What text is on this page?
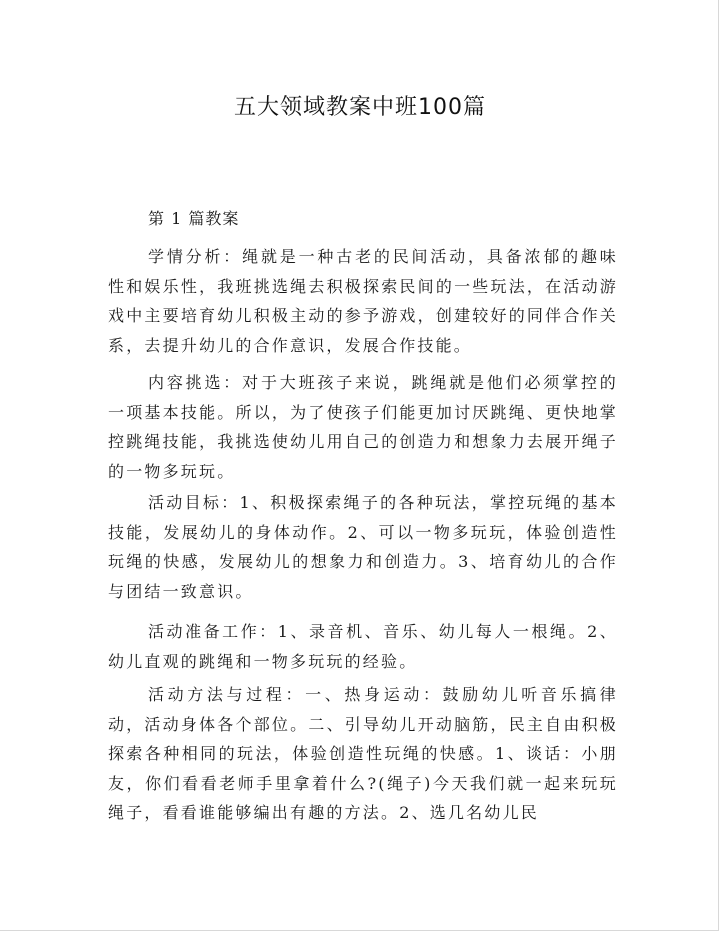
五大领域教案中班100篇
第 1 篇教案

学情分析：绳就是一种古老的民间活动，具备浓郁的趣味性和娱乐性，我班挑选绳去积极探索民间的一些玩法，在活动游戏中主要培育幼儿积极主动的参予游戏，创建较好的同伴合作关系，去提升幼儿的合作意识，发展合作技能。

内容挑选：对于大班孩子来说，跳绳就是他们必须掌控的一项基本技能。所以，为了使孩子们能更加讨厌跳绳、更快地掌控跳绳技能，我挑选使幼儿用自己的创造力和想象力去展开绳子的一物多玩玩。

活动目标：1、积极探索绳子的各种玩法，掌控玩绳的基本技能，发展幼儿的身体动作。2、可以一物多玩玩，体验创造性玩绳的快感，发展幼儿的想象力和创造力。3、培育幼儿的合作与团结一致意识。

活动准备工作：1、录音机、音乐、幼儿每人一根绳。2、幼儿直观的跳绳和一物多玩玩的经验。

活动方法与过程：一、热身运动：鼓励幼儿听音乐搞律动，活动身体各个部位。二、引导幼儿开动脑筋，民主自由积极探索各种相同的玩法，体验创造性玩绳的快感。1、谈话：小朋友，你们看看老师手里拿着什么?(绳子)今天我们就一起来玩玩绳子，看看谁能够编出有趣的方法。2、选几名幼儿民
